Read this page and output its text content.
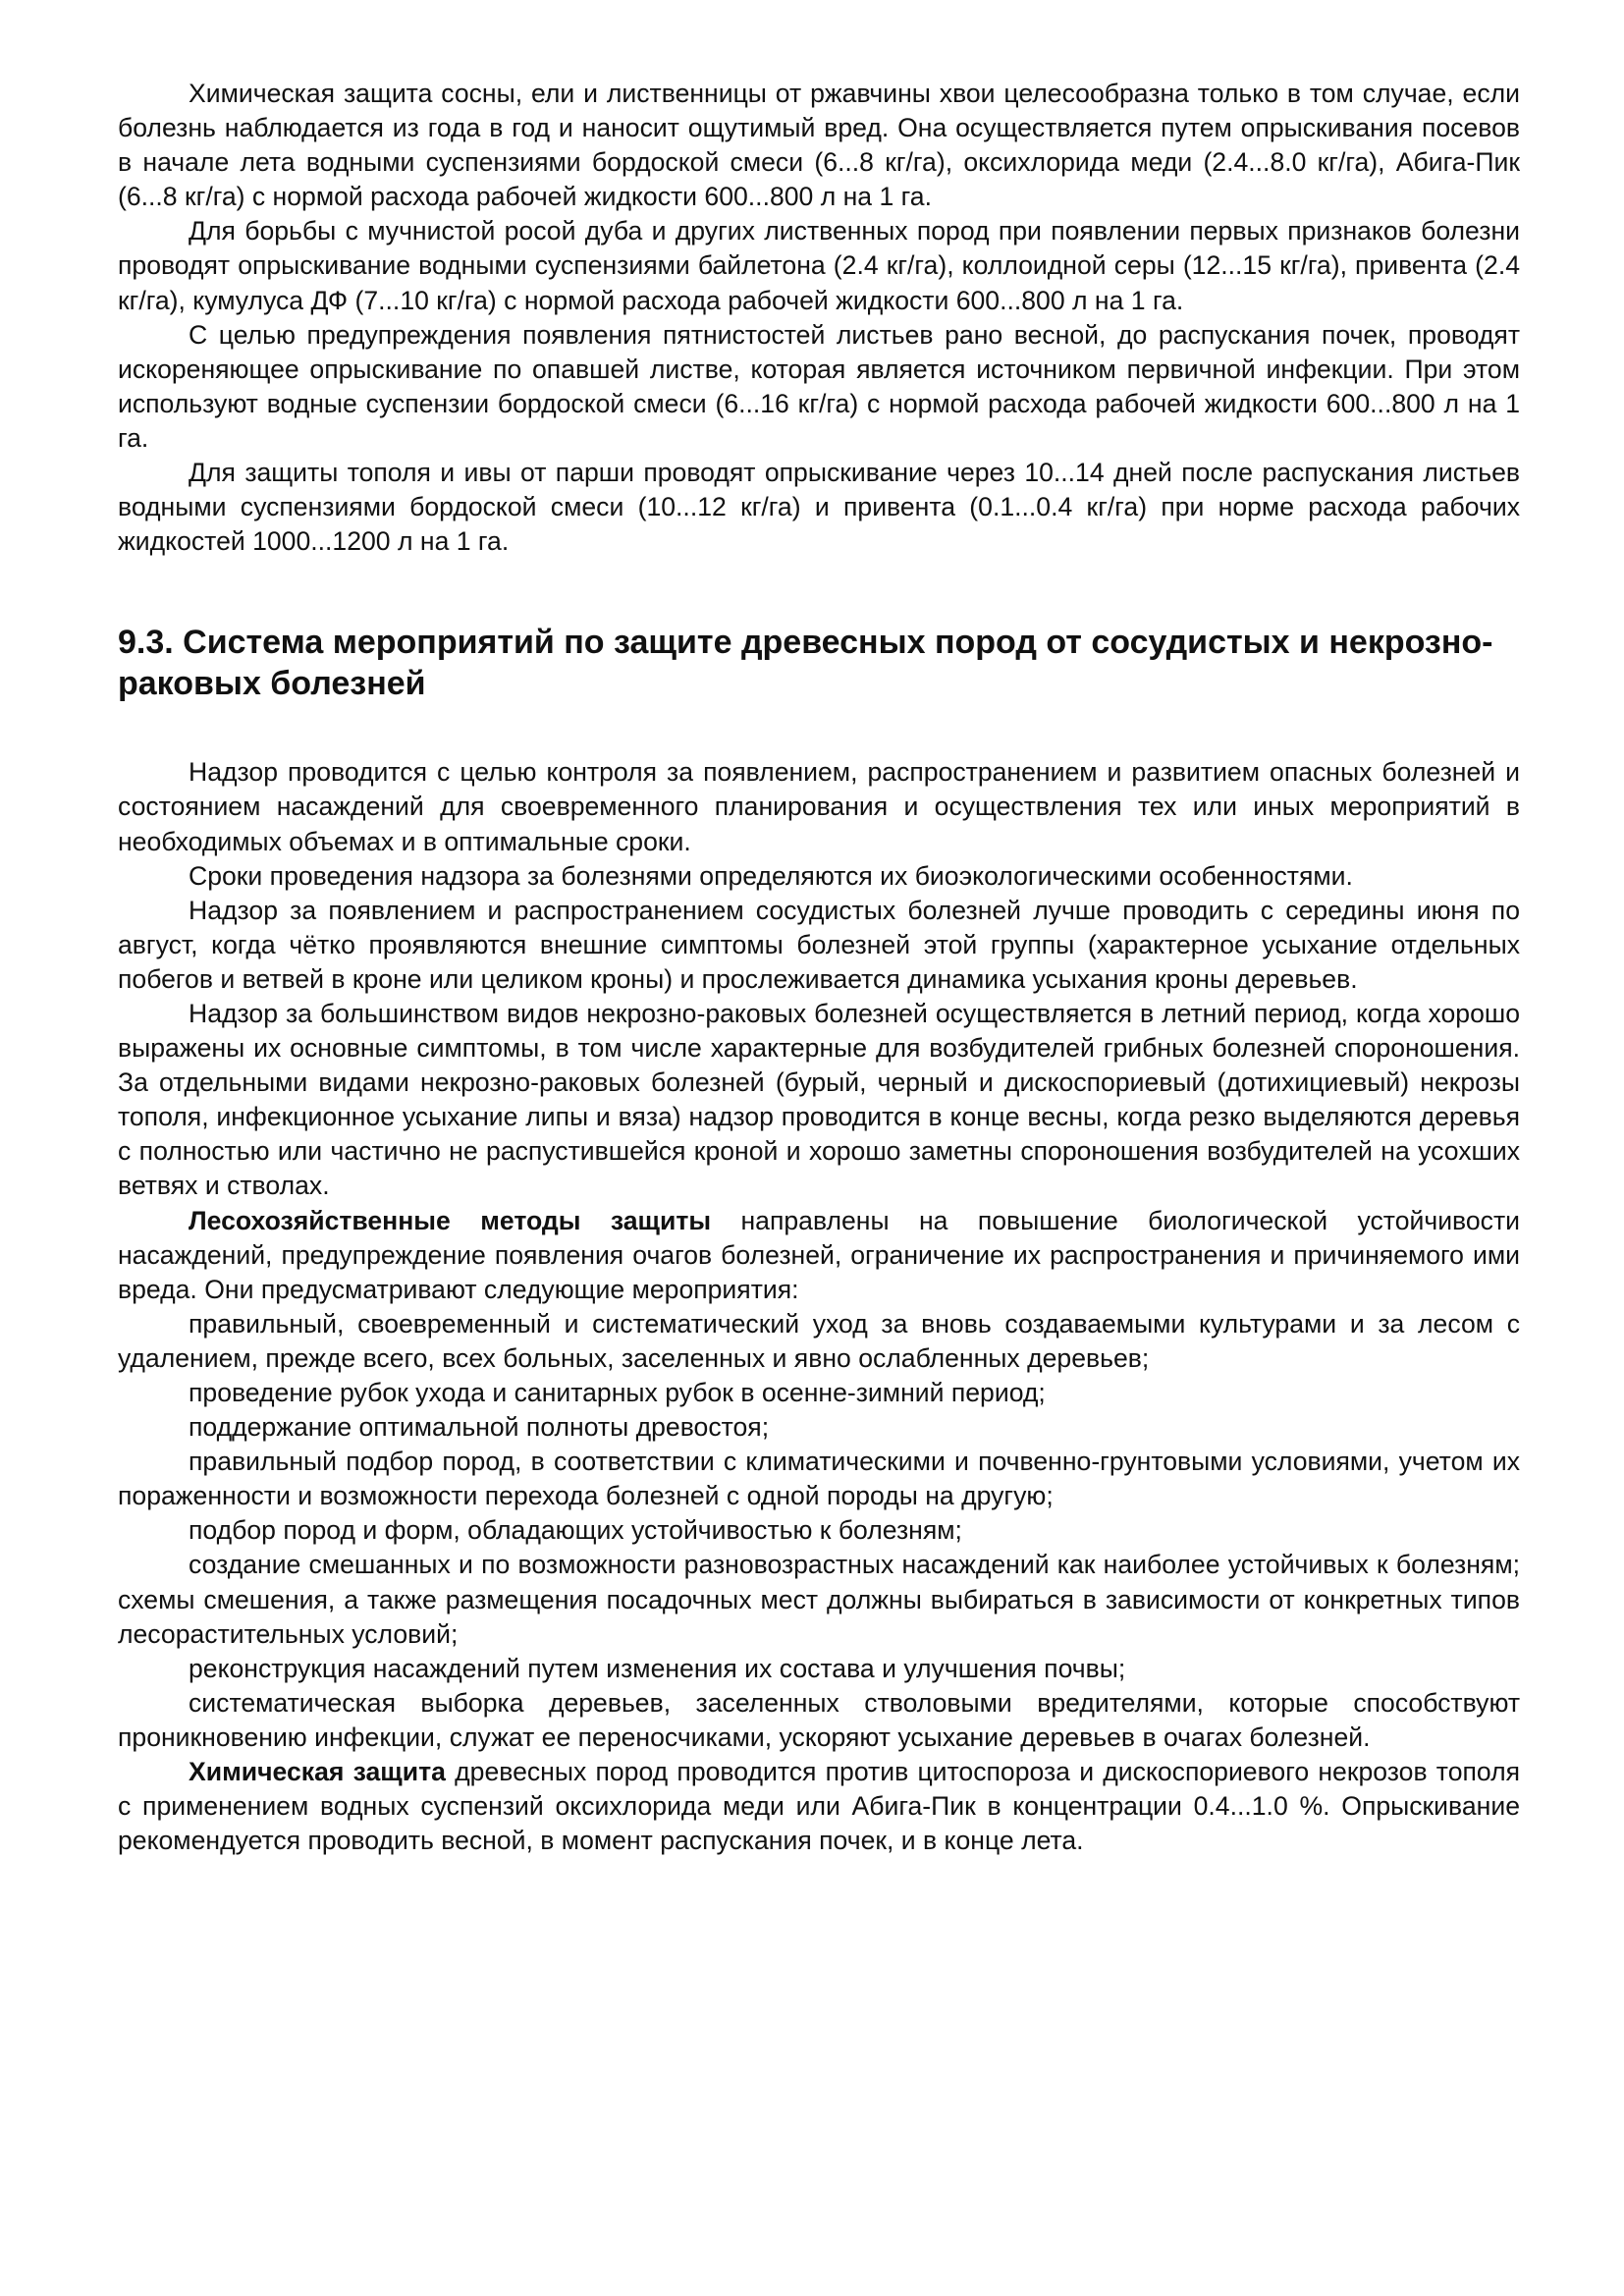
Химическая защита сосны, ели и лиственницы от ржавчины хвои целесообразна только в том случае, если болезнь наблюдается из года в год и наносит ощутимый вред. Она осуществляется путем опрыскивания посевов в начале лета водными суспензиями бордоской смеси (6...8 кг/га), оксихлорида меди (2.4...8.0 кг/га), Абига-Пик (6...8 кг/га) с нормой расхода рабочей жидкости 600...800 л на 1 га.

Для борьбы с мучнистой росой дуба и других лиственных пород при появлении первых признаков болезни проводят опрыскивание водными суспензиями байлетона (2.4 кг/га), коллоидной серы (12...15 кг/га), привента (2.4 кг/га), кумулуса ДФ (7...10 кг/га) с нормой расхода рабочей жидкости 600...800 л на 1 га.

С целью предупреждения появления пятнистостей листьев рано весной, до распускания почек, проводят искореняющее опрыскивание по опавшей листве, которая является источником первичной инфекции. При этом используют водные суспензии бордоской смеси (6...16 кг/га) с нормой расхода рабочей жидкости 600...800 л на 1 га.

Для защиты тополя и ивы от парши проводят опрыскивание через 10...14 дней после распускания листьев водными суспензиями бордоской смеси (10...12 кг/га) и привента (0.1...0.4 кг/га) при норме расхода рабочих жидкостей 1000...1200 л на 1 га.

9.3. Система мероприятий по защите древесных пород от сосудистых и некрозно-раковых болезней

Надзор проводится с целью контроля за появлением, распространением и развитием опасных болезней и состоянием насаждений для своевременного планирования и осуществления тех или иных мероприятий в необходимых объемах и в оптимальные сроки.

Сроки проведения надзора за болезнями определяются их биоэкологическими особенностями.

Надзор за появлением и распространением сосудистых болезней лучше проводить с середины июня по август, когда чётко проявляются внешние симптомы болезней этой группы (характерное усыхание отдельных побегов и ветвей в кроне или целиком кроны) и прослеживается динамика усыхания кроны деревьев.

Надзор за большинством видов некрозно-раковых болезней осуществляется в летний период, когда хорошо выражены их основные симптомы, в том числе характерные для возбудителей грибных болезней спороношения. За отдельными видами некрозно-раковых болезней (бурый, черный и дискоспориевый (дотихициевый) некрозы тополя, инфекционное усыхание липы и вяза) надзор проводится в конце весны, когда резко выделяются деревья с полностью или частично не распустившейся кроной и хорошо заметны спороношения возбудителей на усохших ветвях и стволах.

Лесохозяйственные методы защиты направлены на повышение биологической устойчивости насаждений, предупреждение появления очагов болезней, ограничение их распространения и причиняемого ими вреда. Они предусматривают следующие мероприятия:

правильный, своевременный и систематический уход за вновь создаваемыми культурами и за лесом с удалением, прежде всего, всех больных, заселенных и явно ослабленных деревьев;

проведение рубок ухода и санитарных рубок в осенне-зимний период;

поддержание оптимальной полноты древостоя;

правильный подбор пород, в соответствии с климатическими и почвенно-грунтовыми условиями, учетом их пораженности и возможности перехода болезней с одной породы на другую;

подбор пород и форм, обладающих устойчивостью к болезням;

создание смешанных и по возможности разновозрастных насаждений как наиболее устойчивых к болезням; схемы смешения, а также размещения посадочных мест должны выбираться в зависимости от конкретных типов лесорастительных условий;

реконструкция насаждений путем изменения их состава и улучшения почвы;

систематическая выборка деревьев, заселенных стволовыми вредителями, которые способствуют проникновению инфекции, служат ее переносчиками, ускоряют усыхание деревьев в очагах болезней.

Химическая защита древесных пород проводится против цитоспороза и дискоспориевого некрозов тополя с применением водных суспензий оксихлорида меди или Абига-Пик в концентрации 0.4...1.0 %. Опрыскивание рекомендуется проводить весной, в момент распускания почек, и в конце лета.
